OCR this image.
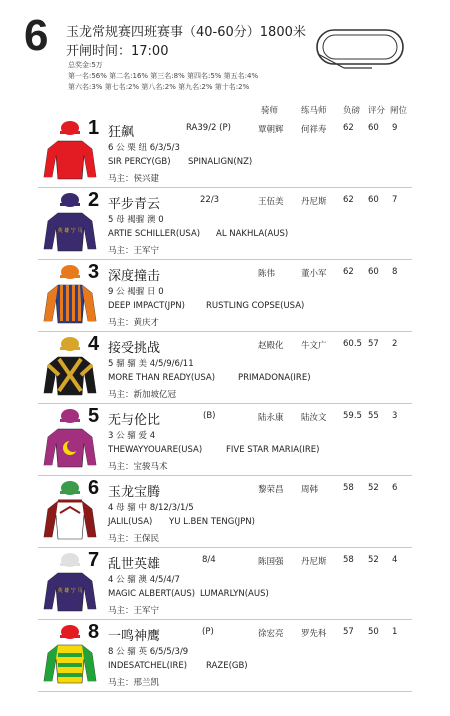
6 玉龙常规赛四班赛事（40-60分）1800米
开闸时间：17:00
总奖金:5万
第一名:56% 第二名:16% 第三名:8% 第四名:5% 第五名:4%
第六名:3% 第七名:2% 第八名:2% 第九名:2% 第十名:2%
骑师	练马师 负磅 评分 闸位
1 狂飙	RA39/2 (P)	覃朝辉 何祥寿 62 60 9
6 公 栗 纽 6/3/5/3
SIR PERCY(GB) SPINALIGN(NZ)
马主：侯兴建
英 雄 宁 马
2 平步青云	22/3	王伍美 丹尼斯 62 60 7
5 母 褐骝 澳 0
ARTIE SCHILLER(USA) AL NAKHLA(AUS)
马主：王军宁
3 深度撞击	陈伟	董小军 62 60 8
9 公 褐骝 日 0
DEEP IMPACT(JPN) RUSTLING COPSE(USA)
马主：黄庆才
4 接受挑战	赵殿化 牛文广 60.5 57 2
5 骝 骝 美 4/5/9/6/11
MORE THAN READY(USA)	PRIMADONA(IRE)
马主：新加坡亿冠
5 无与伦比	(B)	陆永康 陆汝文 59.5 55 3
3 公 骝 爱 4
THEWAYYOUARE(USA)	FIVE STAR MARIA(IRE)
马主：宝骏马术
6 玉龙宝腾	黎荣昌 周韩	58 52 6
4 母 骝 中 8/12/3/1/5
JALIL(USA) YU L.BEN TENG(JPN)
马主：王保民
英 雄 宁 马
7 乱世英雄	8/4	陈国强 丹尼斯 58 52 4
4 公 骝 澳 4/5/4/7
MAGIC ALBERT(AUS) LUMARLYN(AUS)
马主：王军宁
8 一鸣神鹰	(P)	徐宏亮 罗先科 57 50 1
8 公 骝 英 6/5/5/3/9
INDESATCHEL(IRE) RAZE(GB)
马主：邢兰凯
